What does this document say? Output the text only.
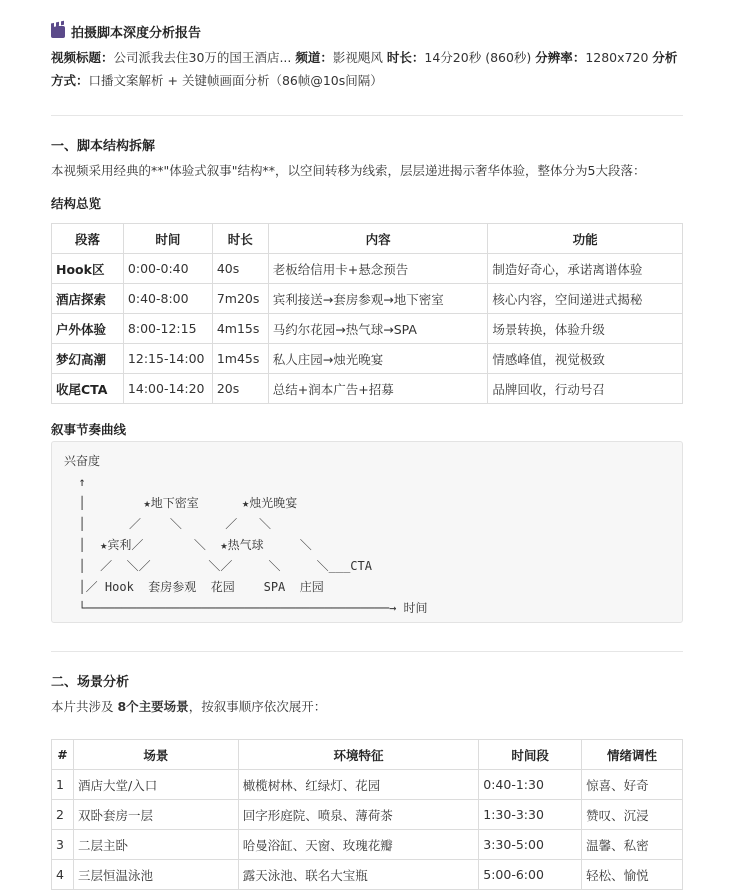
拍摄脚本深度分析报告
视频标题：公司派我去住30万的国王酒店... 频道：影视飓风 时长：14分20秒 (860秒) 分辨率：1280x720 分析方式：口播文案解析 + 关键帧画面分析（86帧@10s间隔）
一、脚本结构拆解
本视频采用经典的**"体验式叙事"结构**，以空间转移为线索，层层递进揭示奢华体验，整体分为5大段落：
结构总览
段落	时间	时长	内容	功能
Hook区	0:00-0:40	40s	老板给信用卡+悬念预告	制造好奇心，承诺离谱体验
酒店探索	0:40-8:00	7m20s	宾利接送→套房参观→地下密室	核心内容，空间递进式揭秘
户外体验	8:00-12:15	4m15s	马约尔花园→热气球→SPA	场景转换，体验升级
梦幻高潮	12:15-14:00	1m45s	私人庄园→烛光晚宴	情感峰值，视觉极致
收尾CTA	14:00-14:20	20s	总结+润本广告+招募	品牌回收，行动号召
叙事节奏曲线
兴奋度
↑
│        ★地下密室      ★烛光晚宴
│      ／    ＼      ／   ＼
│  ★宾利／       ＼  ★热气球     ＼
│  ／  ＼／        ＼／     ＼     ＼___CTA
│／ Hook  套房参观  花园    SPA  庄园
└──────────────────────────────────────────→ 时间
二、场景分析
本片共涉及 8个主要场景，按叙事顺序依次展开：
#	场景	环境特征	时间段	情绪调性
1	酒店大堂/入口	橄榄树林、红绿灯、花园	0:40-1:30	惊喜、好奇
2	双卧套房一层	回字形庭院、喷泉、薄荷茶	1:30-3:30	赞叹、沉浸
3	二层主卧	哈曼浴缸、天窗、玫瑰花瓣	3:30-5:00	温馨、私密
4	三层恒温泳池	露天泳池、联名大宝瓶	5:00-6:00	轻松、愉悦
